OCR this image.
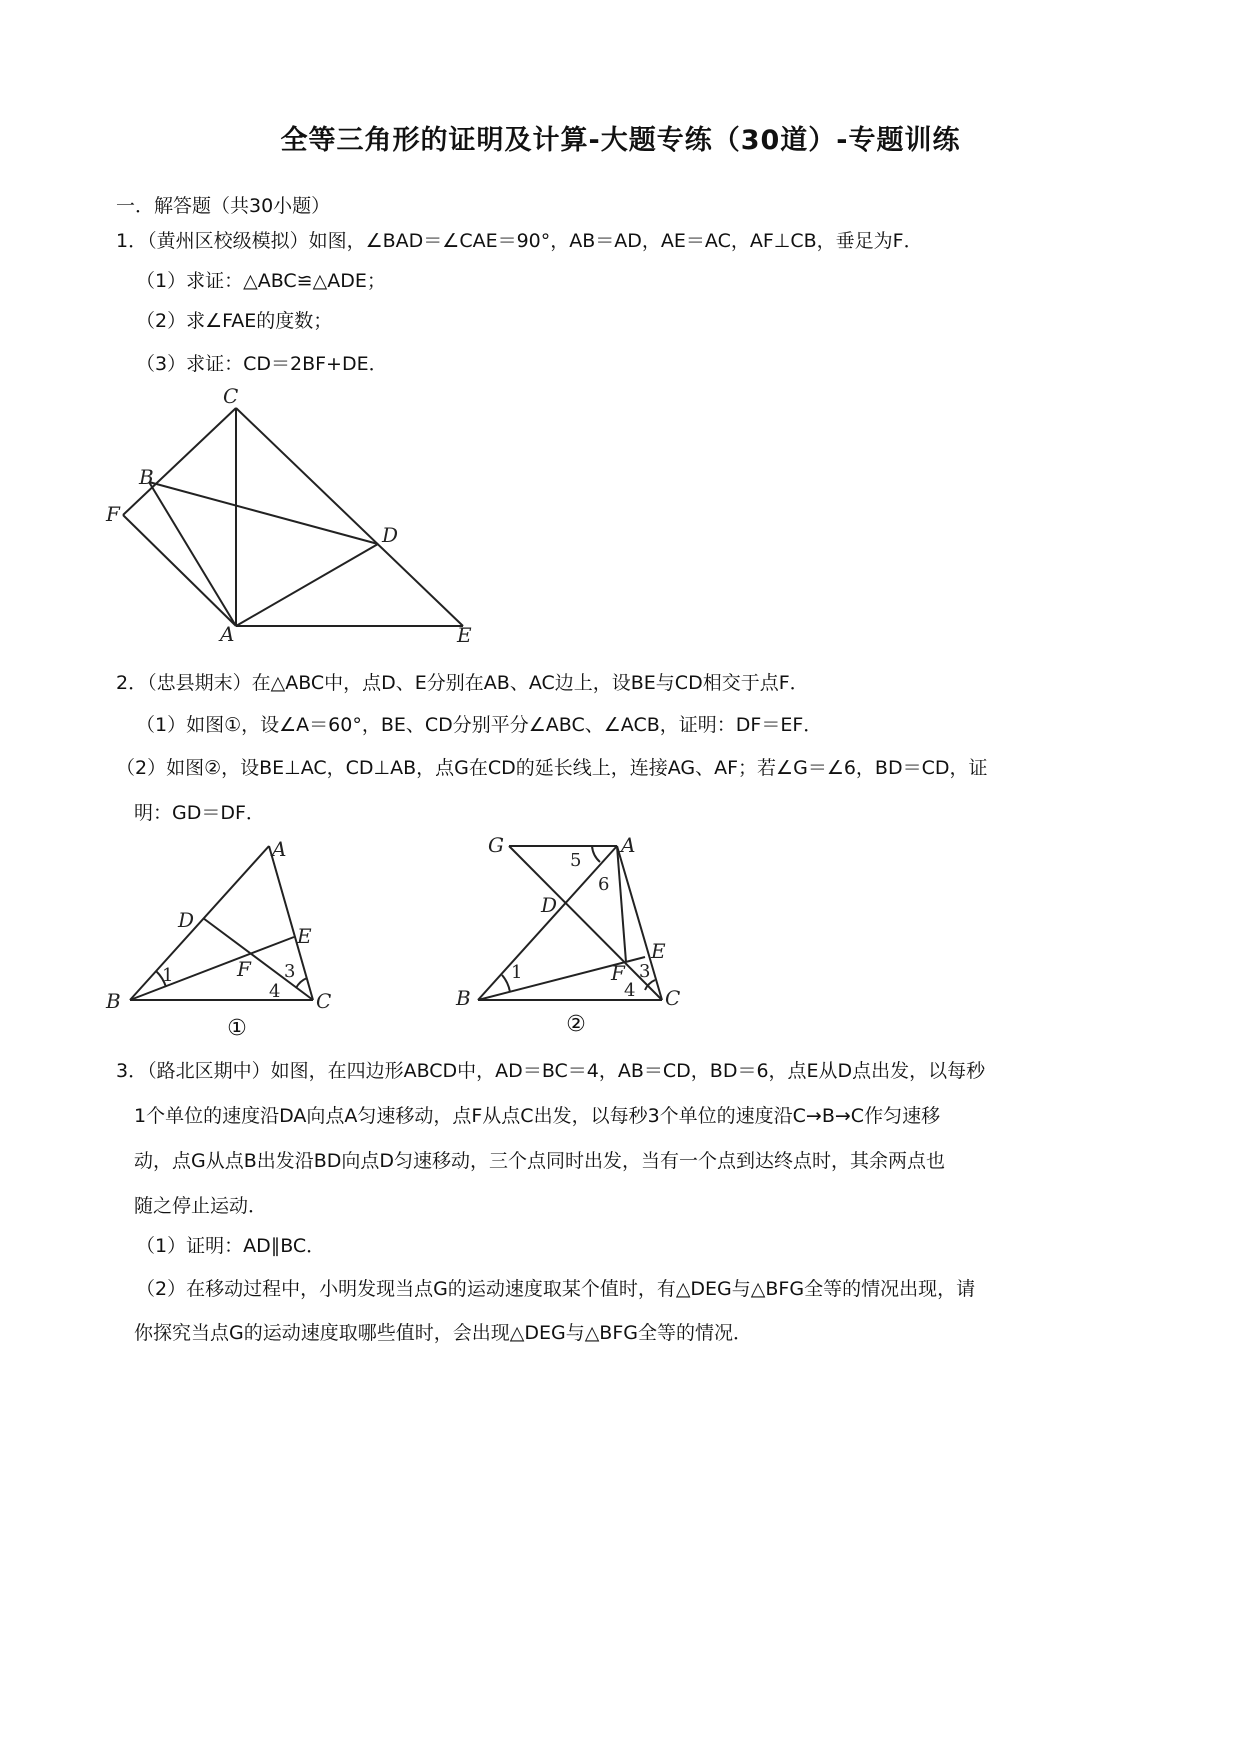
全等三角形的证明及计算-大题专练（30道）-专题训练
一．解答题（共30小题）
1．（黄州区校级模拟）如图，∠BAD＝∠CAE＝90°，AB＝AD，AE＝AC，AF⊥CB，垂足为F．
（1）求证：△ABC≌△ADE；
（2）求∠FAE的度数；
（3）求证：CD＝2BF+DE．
C
B
F
D
A	E
2．（忠县期末）在△ABC中，点D、E分别在AB、AC边上，设BE与CD相交于点F．
（1）如图①，设∠A＝60°，BE、CD分别平分∠ABC、∠ACB，证明：DF＝EF．
（2）如图②，设BE⊥AC，CD⊥AB，点G在CD的延长线上，连接AG、AF；若∠G＝∠6，BD＝CD，证
明：GD＝DF．
A
D
E
F
B	C
1	3
4
①
G	A
D
E
F
B	C
5
6
1	3
4
②
3．（路北区期中）如图，在四边形ABCD中，AD＝BC＝4，AB＝CD，BD＝6，点E从D点出发，以每秒
1个单位的速度沿DA向点A匀速移动，点F从点C出发，以每秒3个单位的速度沿C→B→C作匀速移
动，点G从点B出发沿BD向点D匀速移动，三个点同时出发，当有一个点到达终点时，其余两点也
随之停止运动．
（1）证明：AD∥BC．
（2）在移动过程中，小明发现当点G的运动速度取某个值时，有△DEG与△BFG全等的情况出现，请
你探究当点G的运动速度取哪些值时，会出现△DEG与△BFG全等的情况．
